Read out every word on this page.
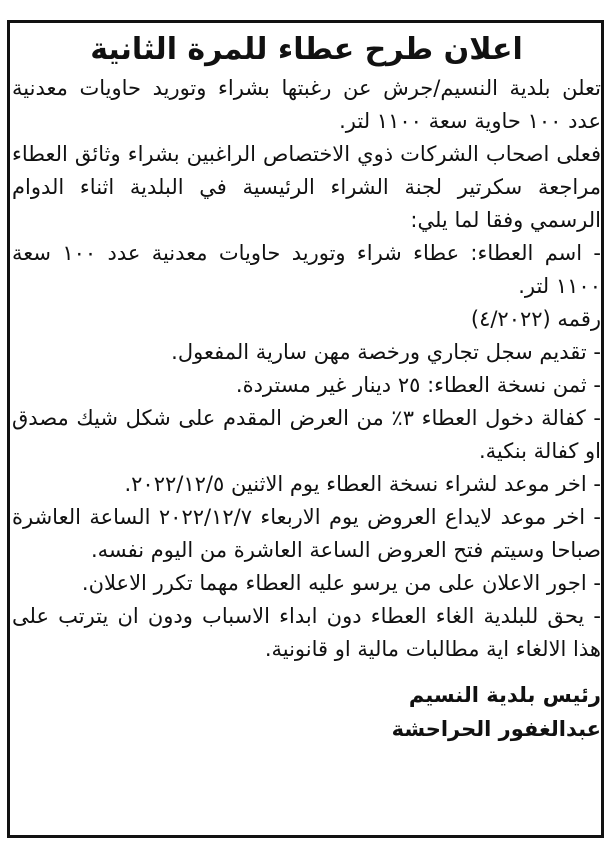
اعلان طرح عطاء للمرة الثانية

تعلن بلدية النسيم/جرش عن رغبتها بشراء وتوريد حاويات معدنية عدد ١٠٠ حاوية سعة ١١٠٠ لتر.

فعلى اصحاب الشركات ذوي الاختصاص الراغبين بشراء وثائق العطاء مراجعة سكرتير لجنة الشراء الرئيسية في البلدية اثناء الدوام الرسمي وفقا لما يلي:

- اسم العطاء: عطاء شراء وتوريد حاويات معدنية عدد ١٠٠ سعة ١١٠٠ لتر.

رقمه (٤/٢٠٢٢)

- تقديم سجل تجاري ورخصة مهن سارية المفعول.

- ثمن نسخة العطاء: ٢٥ دينار غير مستردة.

- كفالة دخول العطاء ٣٪ من العرض المقدم على شكل شيك مصدق او كفالة بنكية.

- اخر موعد لشراء نسخة العطاء يوم الاثنين ٢٠٢٢/١٢/٥.

- اخر موعد لايداع العروض يوم الاربعاء ٢٠٢٢/١٢/٧ الساعة العاشرة صباحا وسيتم فتح العروض الساعة العاشرة من اليوم نفسه.

- اجور الاعلان على من يرسو عليه العطاء مهما تكرر الاعلان.

- يحق للبلدية الغاء العطاء دون ابداء الاسباب ودون ان يترتب على هذا الالغاء اية مطالبات مالية او قانونية.

رئيس بلدية النسيم
عبدالغفور الحراحشة
